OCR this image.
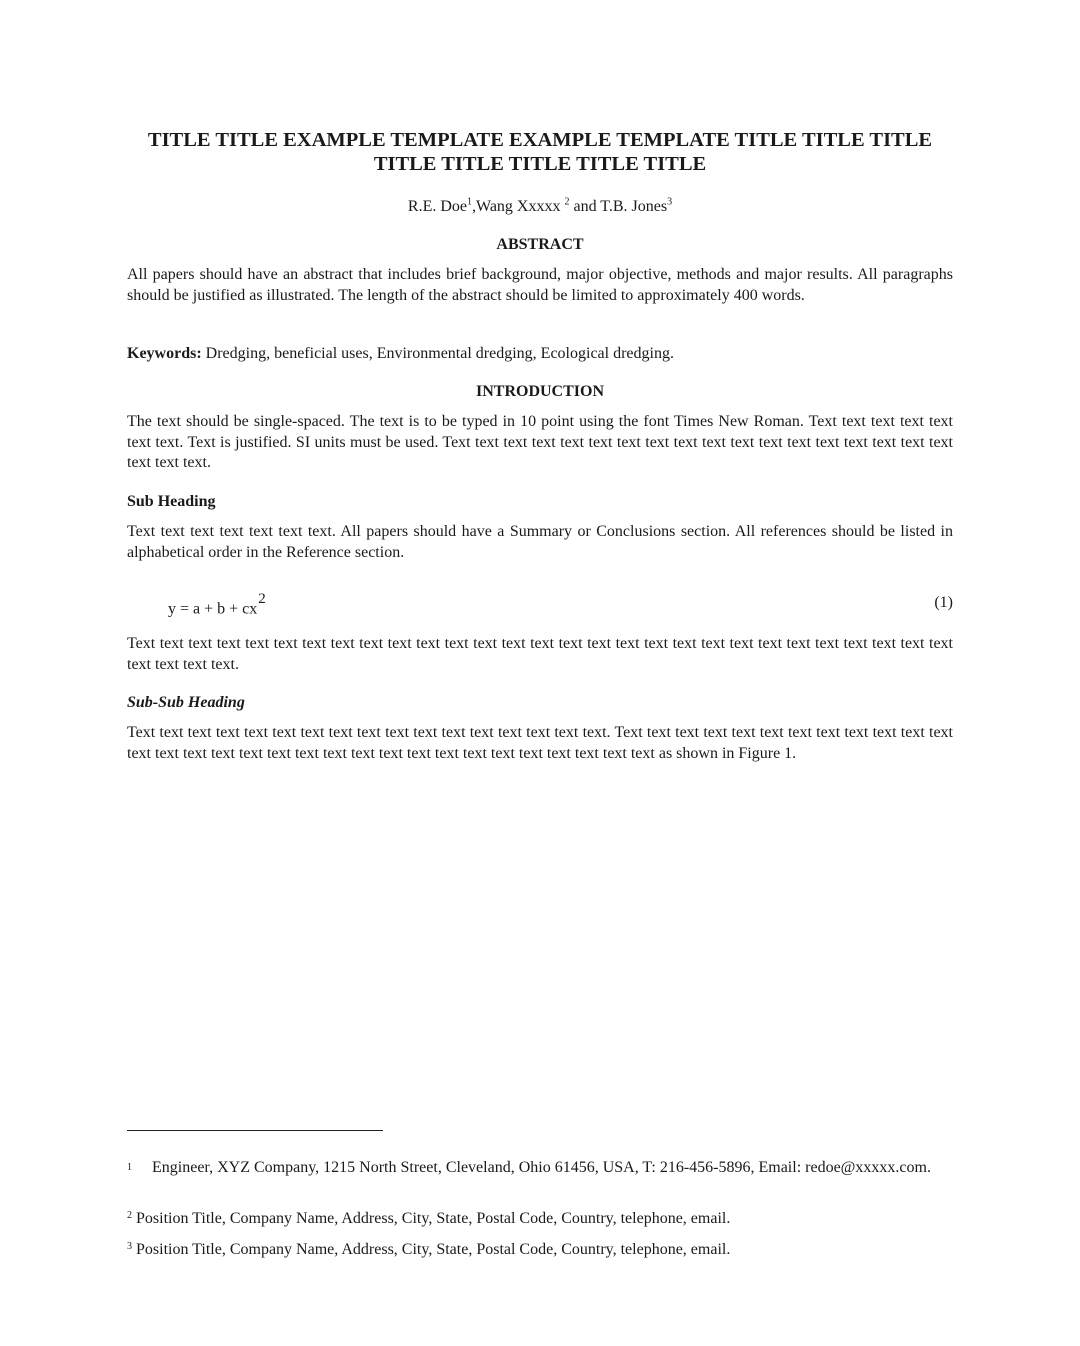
TITLE TITLE EXAMPLE TEMPLATE EXAMPLE TEMPLATE TITLE TITLE TITLE
TITLE TITLE TITLE TITLE TITLE

R.E. Doe$^1$,Wang Xxxxx $^2$ and T.B. Jones$^3$

ABSTRACT

All papers should have an abstract that includes brief background, major objective, methods and major results. All paragraphs should be justified as illustrated. The length of the abstract should be limited to approximately 400 words.

Keywords: Dredging, beneficial uses, Environmental dredging, Ecological dredging.

INTRODUCTION

The text should be single-spaced. The text is to be typed in 10 point using the font Times New Roman. Text text text text text text text. Text is justified. SI units must be used. Text text text text text text text text text text text text text text text text text text text text text.

Sub Heading

Text text text text text text text. All papers should have a Summary or Conclusions section. All references should be listed in alphabetical order in the Reference section.

$y = a + b + cx^2$	(1)

Text text text text text text text text text text text text text text text text text text text text text text text text text text text text text text text text text.

Sub-Sub Heading

Text text text text text text text text text text text text text text text text text. Text text text text text text text text text text text text text text text text text text text text text text text text text text text text text text text as shown in Figure 1.

1 Engineer, XYZ Company, 1215 North Street, Cleveland, Ohio 61456, USA, T: 216-456-5896, Email: redoe@xxxxx.com.

$^2$ Position Title, Company Name, Address, City, State, Postal Code, Country, telephone, email.

$^3$ Position Title, Company Name, Address, City, State, Postal Code, Country, telephone, email.
